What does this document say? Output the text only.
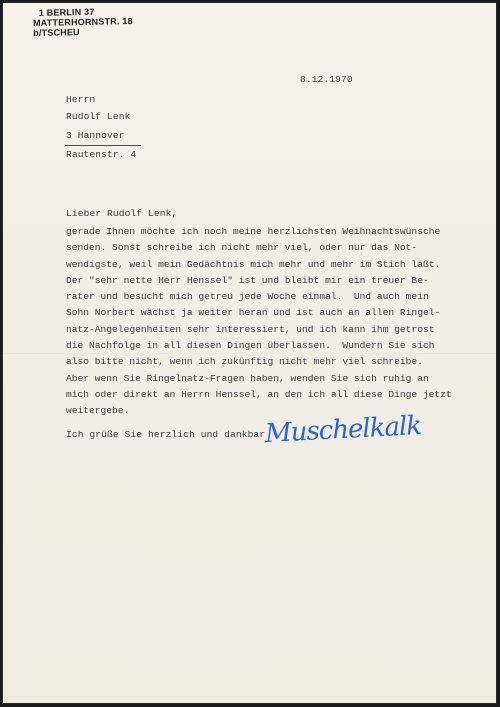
1 BERLIN 37
MATTERHORNSTR. 18
b/TSCHEU
8.12.1970
Herrn
Rudolf Lenk
3 Hannover
Rautenstr. 4
Lieber Rudolf Lenk,
gerade Ihnen möchte ich noch meine herzlichsten Weihnachtswünsche
senden. Sonst schreibe ich nicht mehr viel, oder nur das Not-
wendigste, weil mein Gedächtnis mich mehr und mehr im Stich läßt.
Der "sehr nette Herr Henssel" ist und bleibt mir ein treuer Be-
rater und besucht mich getreu jede Woche einmal.  Und auch mein
Sohn Norbert wächst ja weiter heran und ist auch an allen Ringel-
natz-Angelegenheiten sehr interessiert, und ich kann ihm getrost
die Nachfolge in all diesen Dingen überlassen.  Wundern Sie sich
also bitte nicht, wenn ich zukünftig nicht mehr viel schreibe.
Aber wenn Sie Ringelnatz-Fragen haben, wenden Sie sich ruhig an
mich oder direkt an Herrn Henssel, an den ich all diese Dinge jetzt
weitergebe.
Ich grüße Sie herzlich und dankbar Muschelkalk
